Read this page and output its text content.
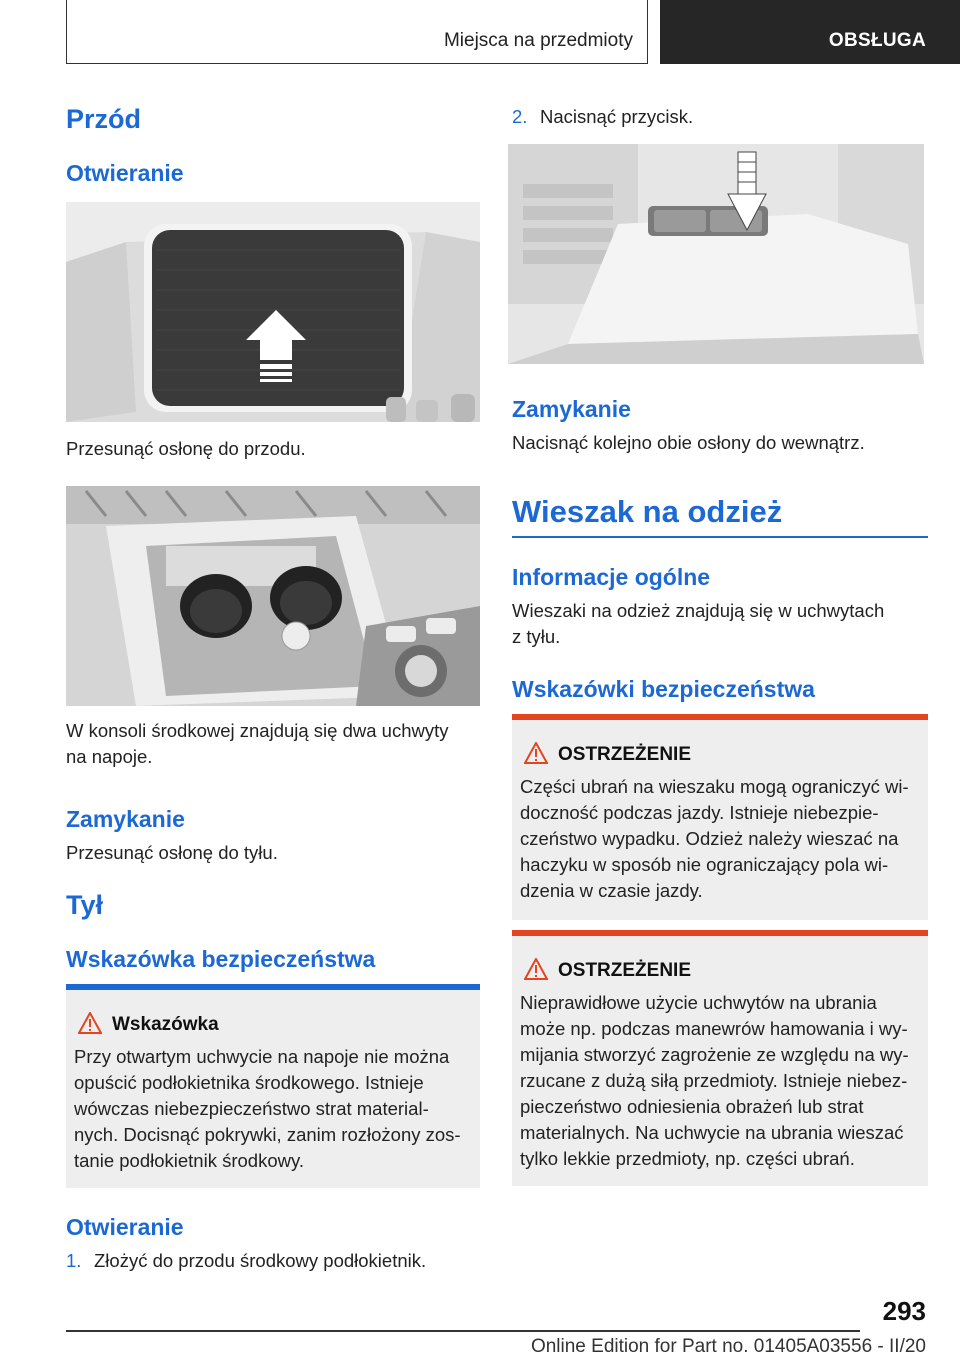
Miejsca na przedmioty	OBSŁUGA
Przód
Otwieranie
Przesunąć osłonę do przodu.
W konsoli środkowej znajdują się dwa uchwyty
na napoje.
Zamykanie
Przesunąć osłonę do tyłu.
Tył
Wskazówka bezpieczeństwa
Wskazówka
Przy otwartym uchwycie na napoje nie można
opuścić podłokietnika środkowego. Istnieje
wówczas niebezpieczeństwo strat material-
nych. Docisnąć pokrywki, zanim rozłożony zos-
tanie podłokietnik środkowy.
Otwieranie
1. Złożyć do przodu środkowy podłokietnik.
2. Nacisnąć przycisk.
Zamykanie
Nacisnąć kolejno obie osłony do wewnątrz.
Wieszak na odzież
Informacje ogólne
Wieszaki na odzież znajdują się w uchwytach
z tyłu.
Wskazówki bezpieczeństwa
OSTRZEŻENIE
Części ubrań na wieszaku mogą ograniczyć wi-
doczność podczas jazdy. Istnieje niebezpie-
czeństwo wypadku. Odzież należy wieszać na
haczyku w sposób nie ograniczający pola wi-
dzenia w czasie jazdy.
OSTRZEŻENIE
Nieprawidłowe użycie uchwytów na ubrania
może np. podczas manewrów hamowania i wy-
mijania stworzyć zagrożenie ze względu na wy-
rzucane z dużą siłą przedmioty. Istnieje niebez-
pieczeństwo odniesienia obrażeń lub strat
materialnych. Na uchwycie na ubrania wieszać
tylko lekkie przedmioty, np. części ubrań.
293
Online Edition for Part no. 01405A03556 - II/20
